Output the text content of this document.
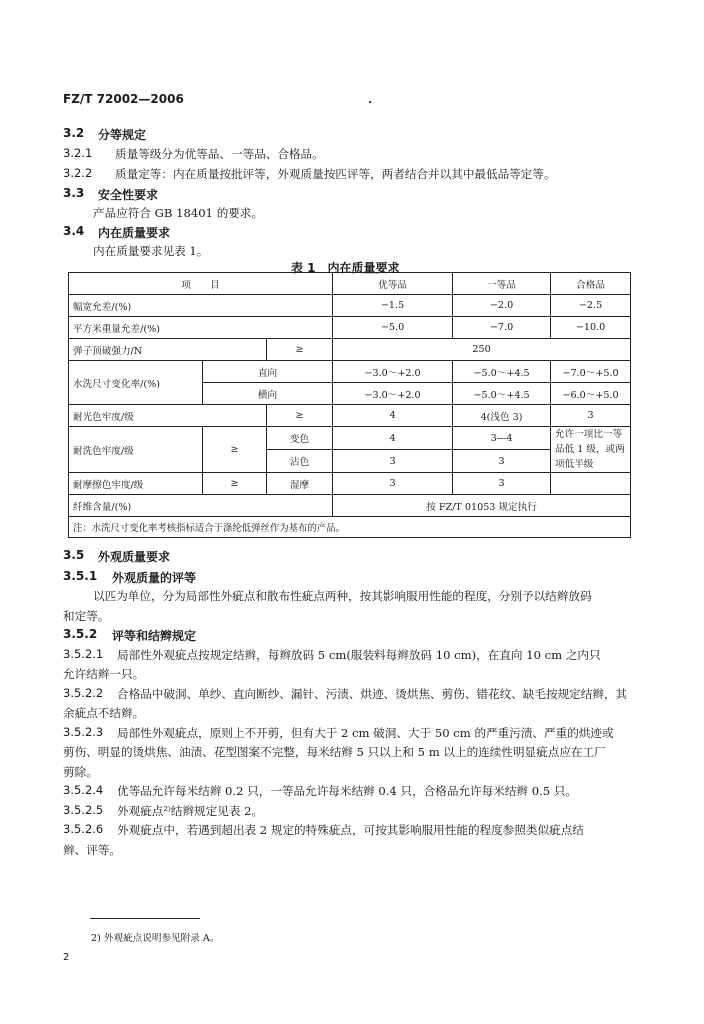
FZ/T 72002—2006
3.2 分等规定
3.2.1 质量等级分为优等品、一等品、合格品。
3.2.2 质量定等：内在质量按批评等，外观质量按匹评等，两者结合并以其中最低品等定等。
3.3 安全性要求
产品应符合 GB 18401 的要求。
3.4 内在质量要求
内在质量要求见表 1。
表 1　内在质量要求
项　　目			优等品	一等品	合格品
幅宽允差/(%)			−1.5	−2.0	−2.5
平方米重量允差/(%)			−5.0	−7.0	−10.0
弹子顶破强力/N		≥	250		
水洗尺寸变化率/(%)	直向		−3.0～+2.0	−5.0～+4.5	−7.0～+5.0
	横向		−3.0～+2.0	−5.0～+4.5	−6.0～+5.0
耐光色牢度/级		≥	4	4(浅色 3)	3
耐洗色牢度/级	≥	变色	4	3—4	允许一项比一等品低 1 级，或两项低半级
		沾色	3	3	
耐摩擦色牢度/级	≥	湿摩	3	3	
纤维含量/(%)			按 FZ/T 01053 规定执行		
注：水洗尺寸变化率考核指标适合于涤纶低弹丝作为基布的产品。					
3.5 外观质量要求
3.5.1 外观质量的评等
以匹为单位，分为局部性外疵点和散布性疵点两种，按其影响服用性能的程度，分别予以结辫放码
和定等。
3.5.2 评等和结辫规定
3.5.2.1 局部性外观疵点按规定结辫，每辫放码 5 cm(服装料每辫放码 10 cm)，在直向 10 cm 之内只
允许结辫一只。
3.5.2.2 合格品中破洞、单纱、直向断纱、漏针、污渍、烘迹、烫烘焦、剪伤、错花纹、缺毛按规定结辫，其
余疵点不结辫。
3.5.2.3 局部性外观疵点，原则上不开剪，但有大于 2 cm 破洞、大于 50 cm 的严重污渍、严重的烘迹或
剪伤、明显的烫烘焦、油渍、花型图案不完整，每米结辫 5 只以上和 5 m 以上的连续性明显疵点应在工厂
剪除。
3.5.2.4 优等品允许每米结辫 0.2 只，一等品允许每米结辫 0.4 只，合格品允许每米结辫 0.5 只。
3.5.2.5 外观疵点²⁾结辫规定见表 2。
3.5.2.6 外观疵点中，若遇到超出表 2 规定的特殊疵点，可按其影响服用性能的程度参照类似疵点结
辫、评等。
2) 外观疵点说明参见附录 A。
2
